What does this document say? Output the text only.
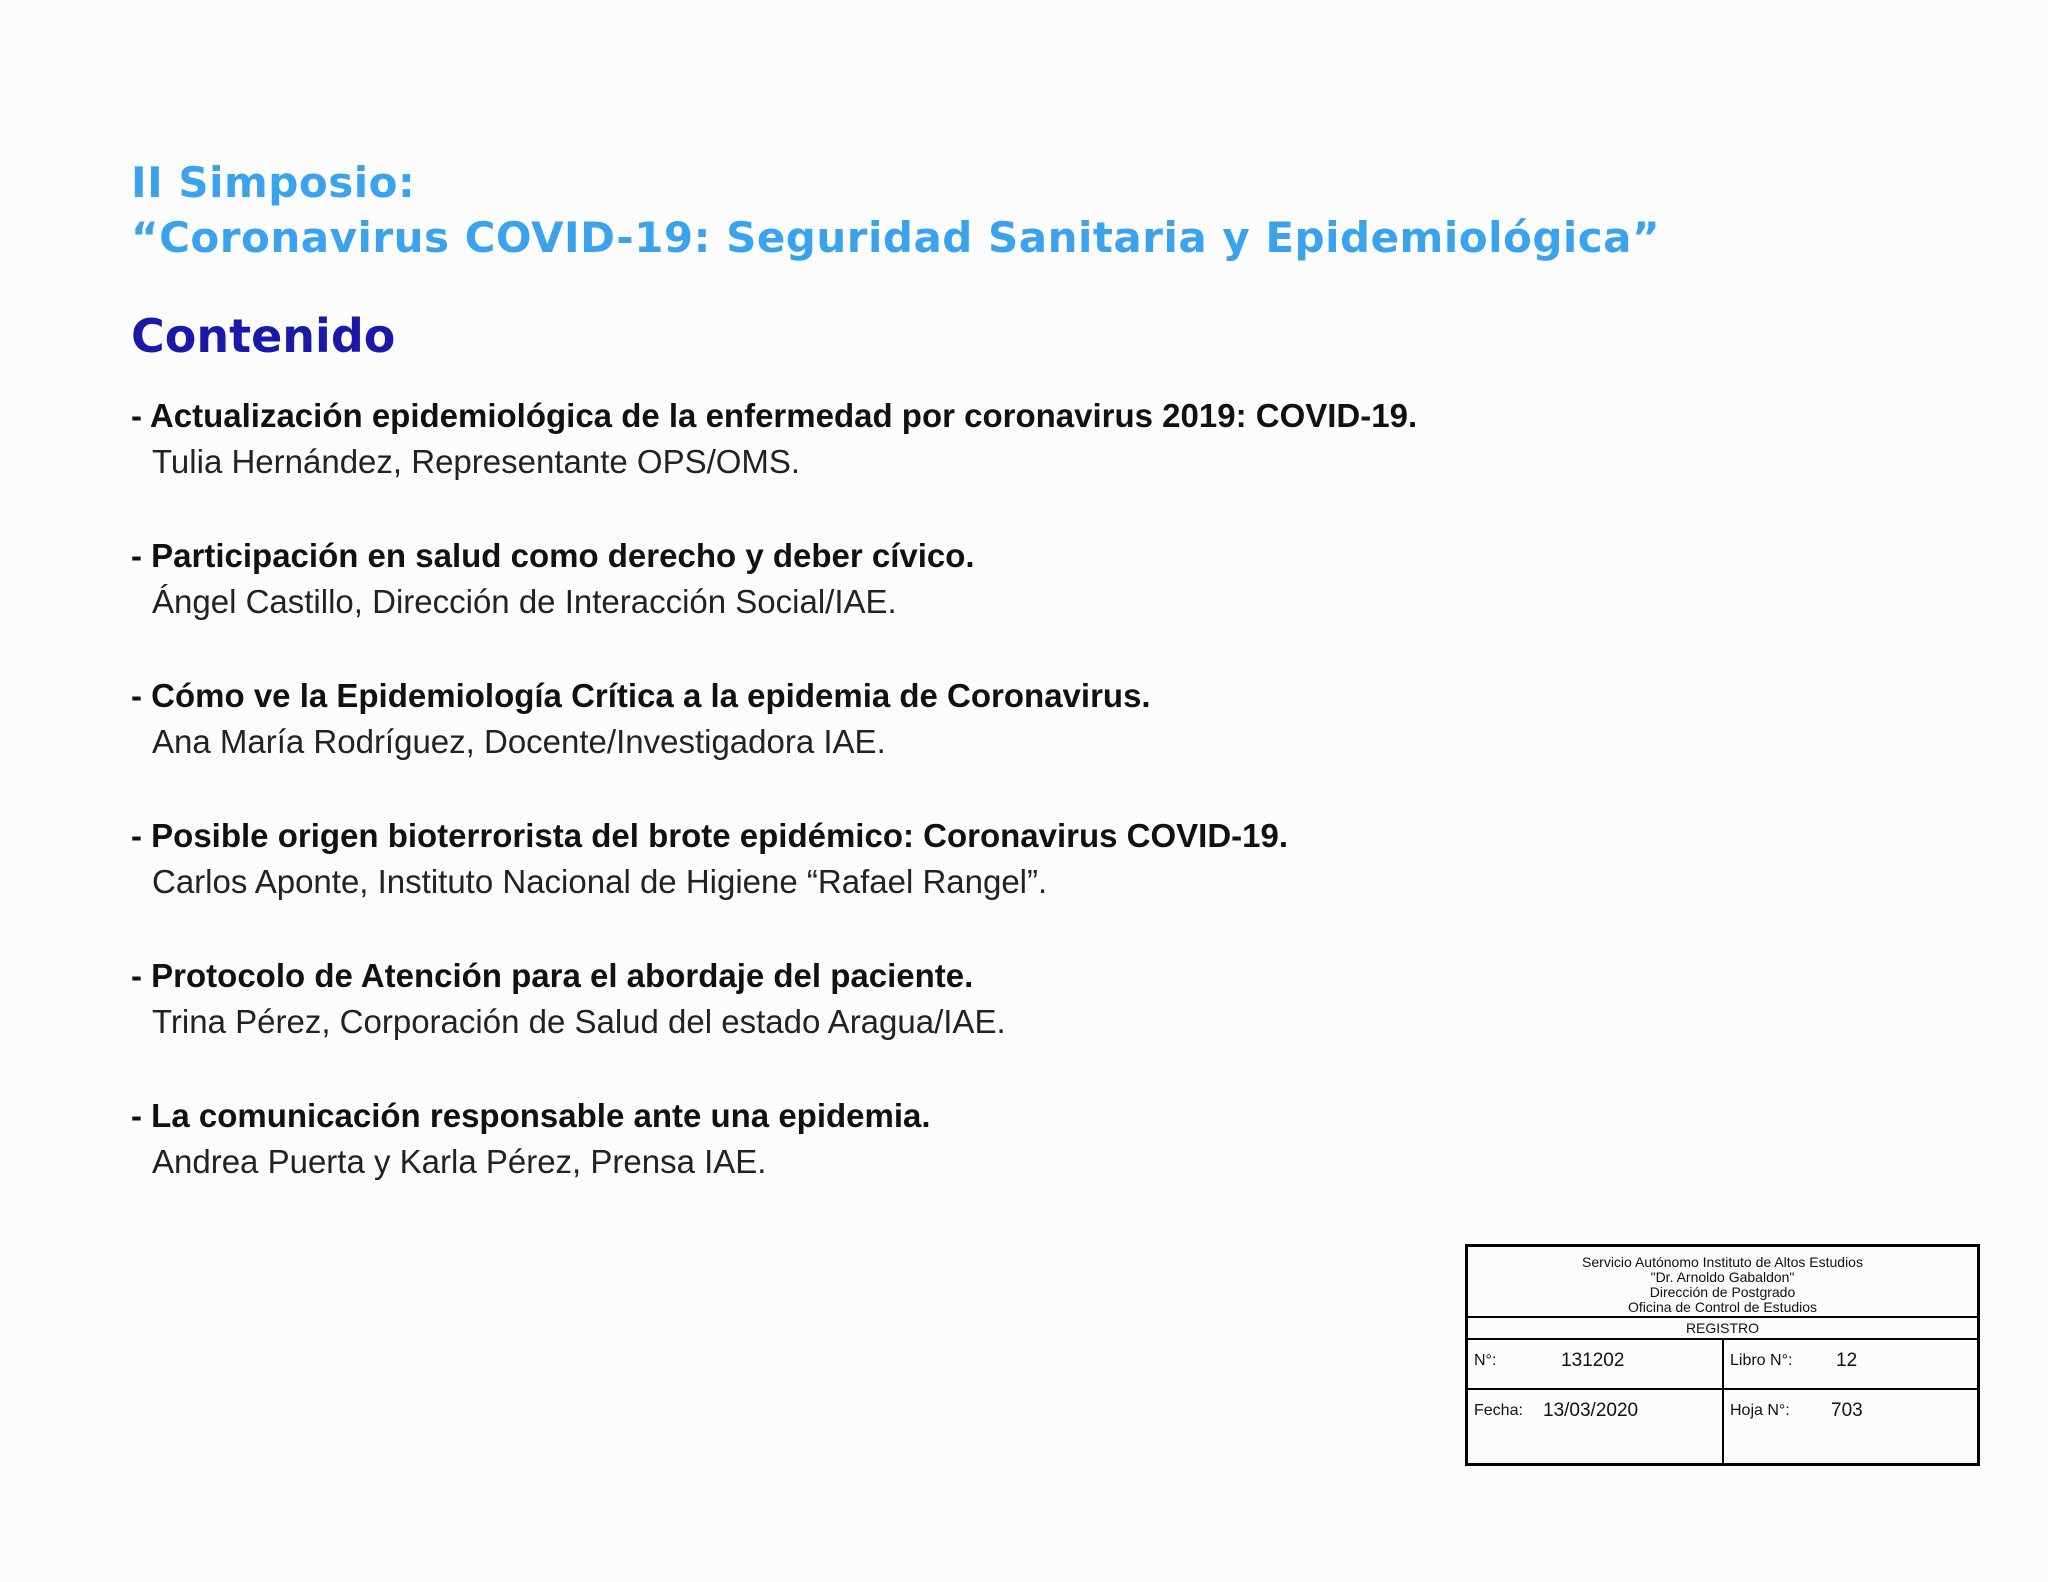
II Simposio:
“Coronavirus COVID-19: Seguridad Sanitaria y Epidemiológica”
Contenido
- Actualización epidemiológica de la enfermedad por coronavirus 2019: COVID-19.
Tulia Hernández, Representante OPS/OMS.
- Participación en salud como derecho y deber cívico.
Ángel Castillo, Dirección de Interacción Social/IAE.
- Cómo ve la Epidemiología Crítica a la epidemia de Coronavirus.
Ana María Rodríguez, Docente/Investigadora IAE.
- Posible origen bioterrorista del brote epidémico: Coronavirus COVID-19.
Carlos Aponte, Instituto Nacional de Higiene “Rafael Rangel”.
- Protocolo de Atención para el abordaje del paciente.
Trina Pérez, Corporación de Salud del estado Aragua/IAE.
- La comunicación responsable ante una epidemia.
Andrea Puerta y Karla Pérez, Prensa IAE.
Servicio Autónomo Instituto de Altos Estudios
"Dr. Arnoldo Gabaldon"
Dirección de Postgrado
Oficina de Control de Estudios
REGISTRO
N°:	131202	Libro N°: 12
Fecha: 13/03/2020	Hoja N°: 703
